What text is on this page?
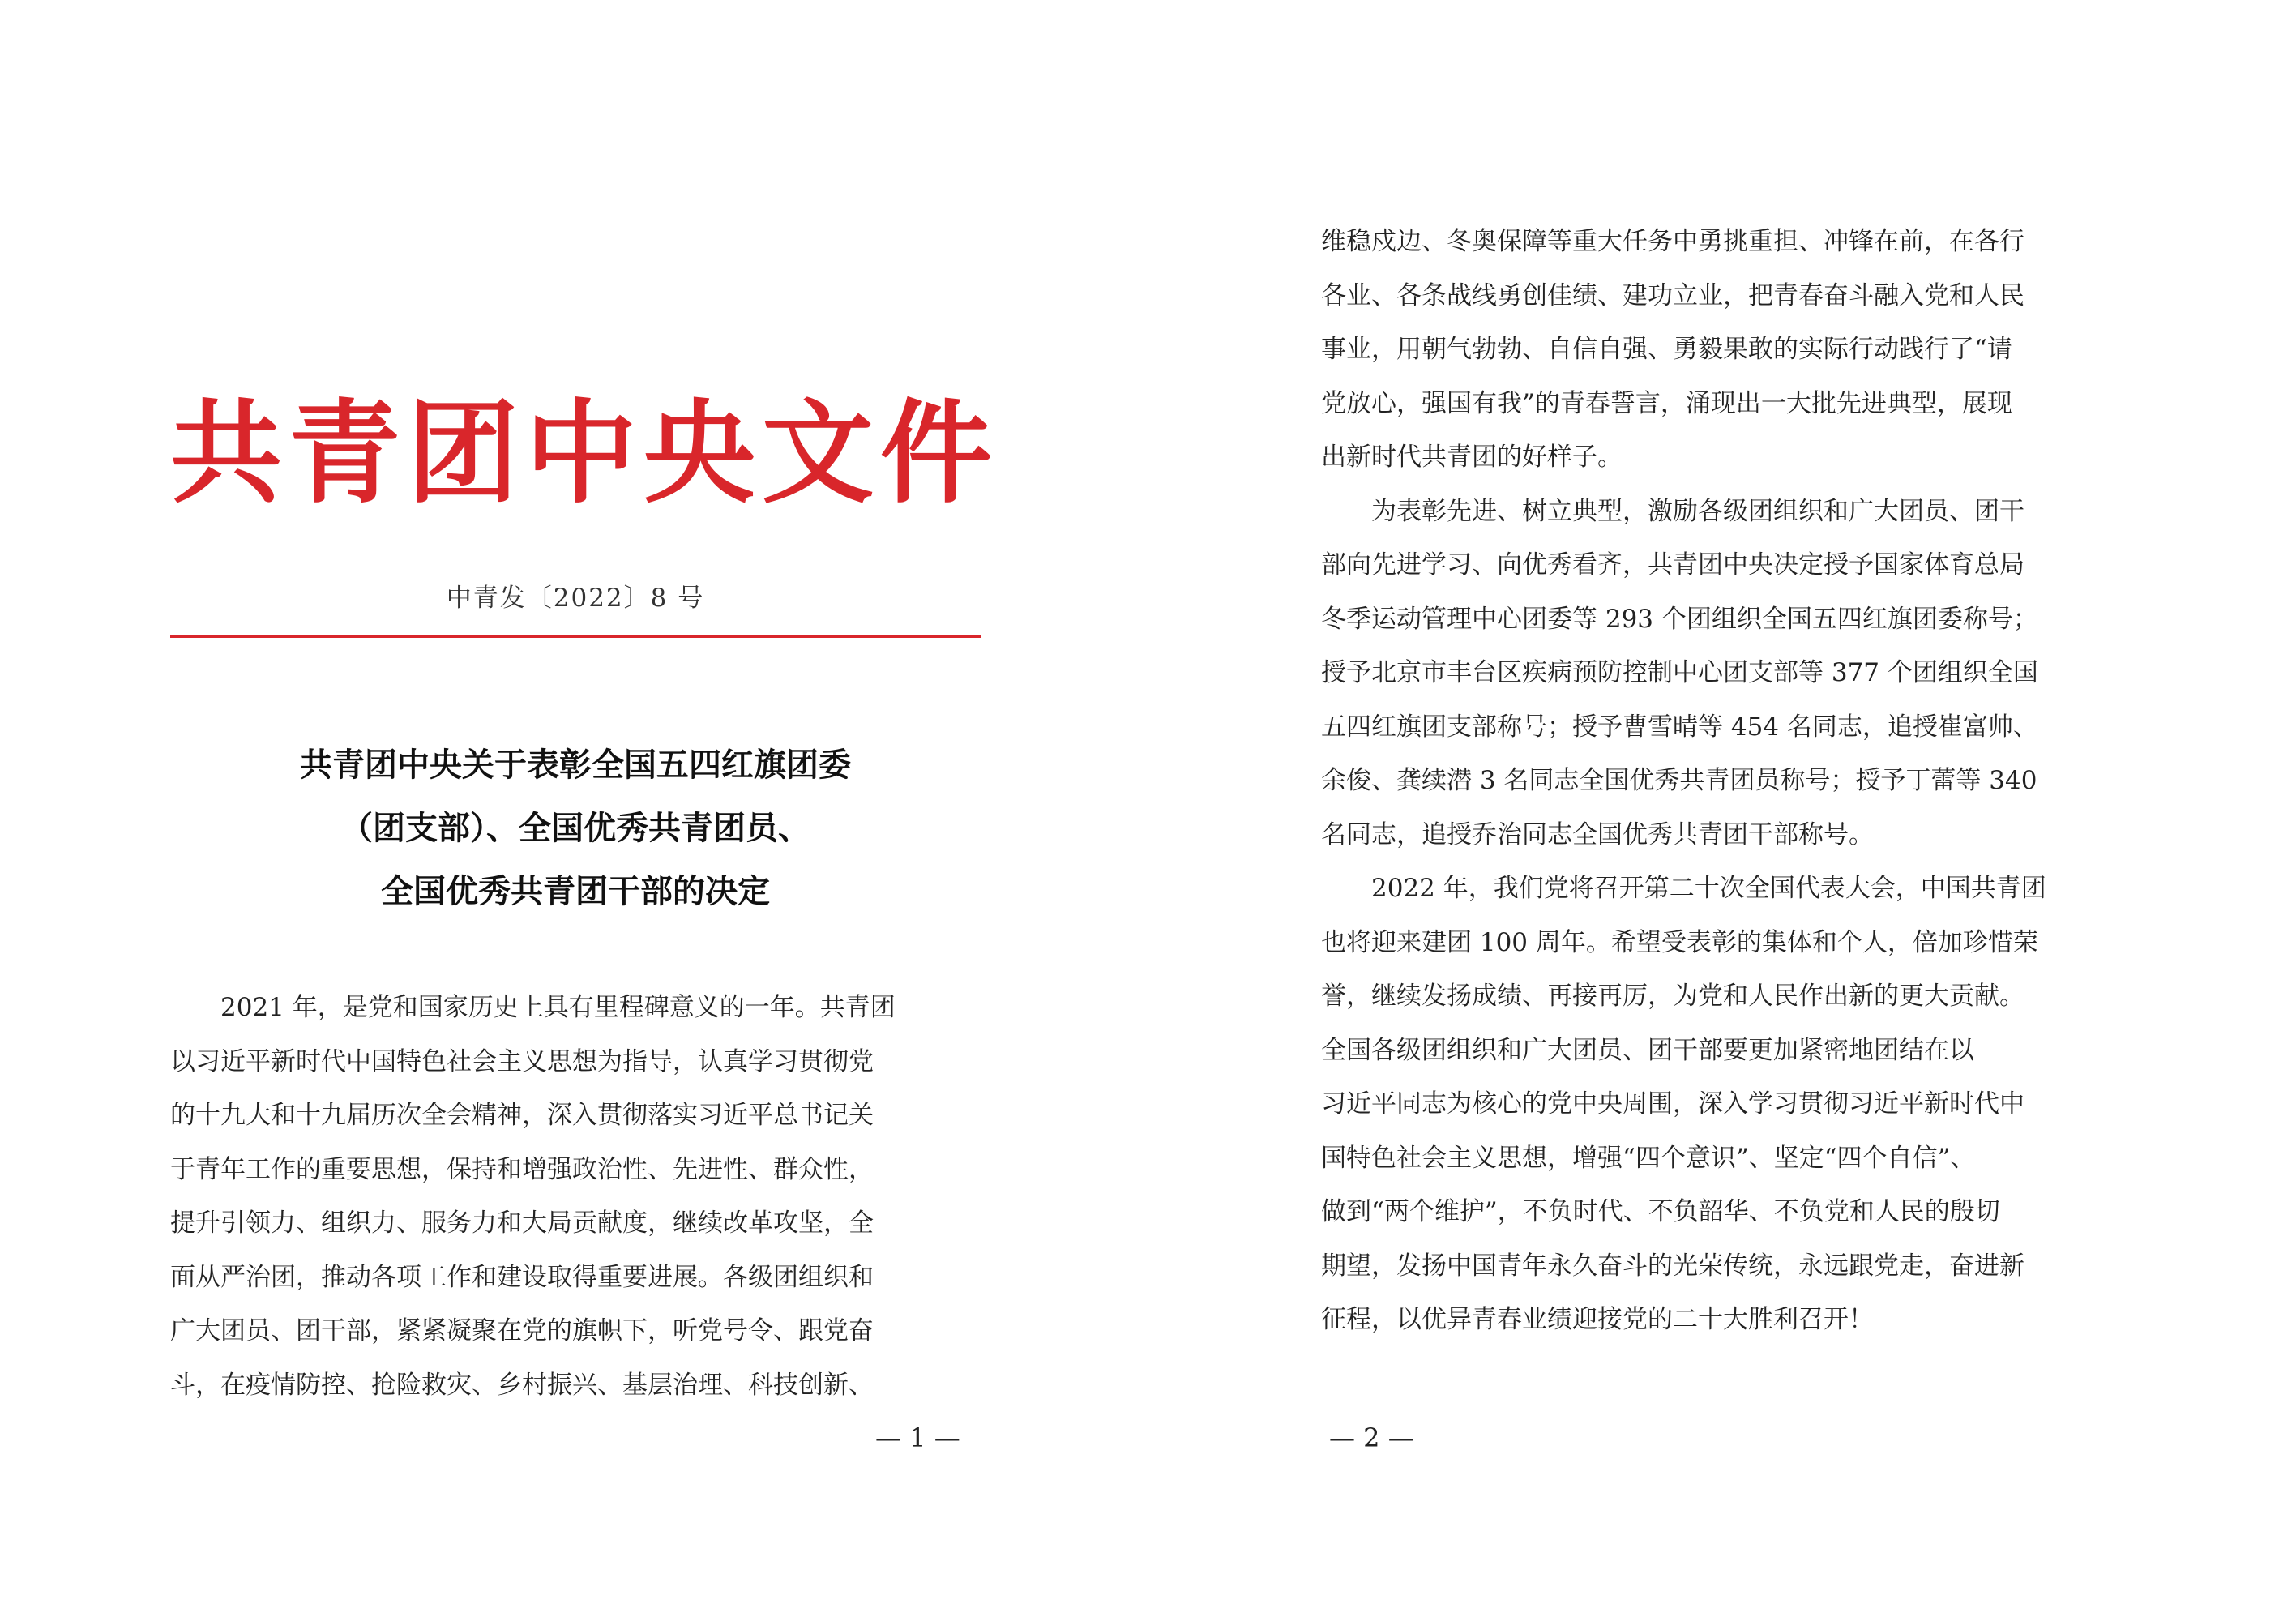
共青团中央文件
中青发〔2022〕8 号
共青团中央关于表彰全国五四红旗团委
（团支部）、全国优秀共青团员、
全国优秀共青团干部的决定
　　2021 年，是党和国家历史上具有里程碑意义的一年。共青团
以习近平新时代中国特色社会主义思想为指导，认真学习贯彻党
的十九大和十九届历次全会精神，深入贯彻落实习近平总书记关
于青年工作的重要思想，保持和增强政治性、先进性、群众性，
提升引领力、组织力、服务力和大局贡献度，继续改革攻坚，全
面从严治团，推动各项工作和建设取得重要进展。各级团组织和
广大团员、团干部，紧紧凝聚在党的旗帜下，听党号令、跟党奋
斗，在疫情防控、抢险救灾、乡村振兴、基层治理、科技创新、
— 1 —
维稳戍边、冬奥保障等重大任务中勇挑重担、冲锋在前，在各行
各业、各条战线勇创佳绩、建功立业，把青春奋斗融入党和人民
事业，用朝气勃勃、自信自强、勇毅果敢的实际行动践行了“请
党放心，强国有我”的青春誓言，涌现出一大批先进典型，展现
出新时代共青团的好样子。
　　为表彰先进、树立典型，激励各级团组织和广大团员、团干
部向先进学习、向优秀看齐，共青团中央决定授予国家体育总局
冬季运动管理中心团委等 293 个团组织全国五四红旗团委称号；
授予北京市丰台区疾病预防控制中心团支部等 377 个团组织全国
五四红旗团支部称号；授予曹雪晴等 454 名同志，追授崔富帅、
余俊、龚续潜 3 名同志全国优秀共青团员称号；授予丁蕾等 340
名同志，追授乔治同志全国优秀共青团干部称号。
　　2022 年，我们党将召开第二十次全国代表大会，中国共青团
也将迎来建团 100 周年。希望受表彰的集体和个人，倍加珍惜荣
誉，继续发扬成绩、再接再厉，为党和人民作出新的更大贡献。
全国各级团组织和广大团员、团干部要更加紧密地团结在以
习近平同志为核心的党中央周围，深入学习贯彻习近平新时代中
国特色社会主义思想，增强“四个意识”、坚定“四个自信”、
做到“两个维护”，不负时代、不负韶华、不负党和人民的殷切
期望，发扬中国青年永久奋斗的光荣传统，永远跟党走，奋进新
征程，以优异青春业绩迎接党的二十大胜利召开！
— 2 —
